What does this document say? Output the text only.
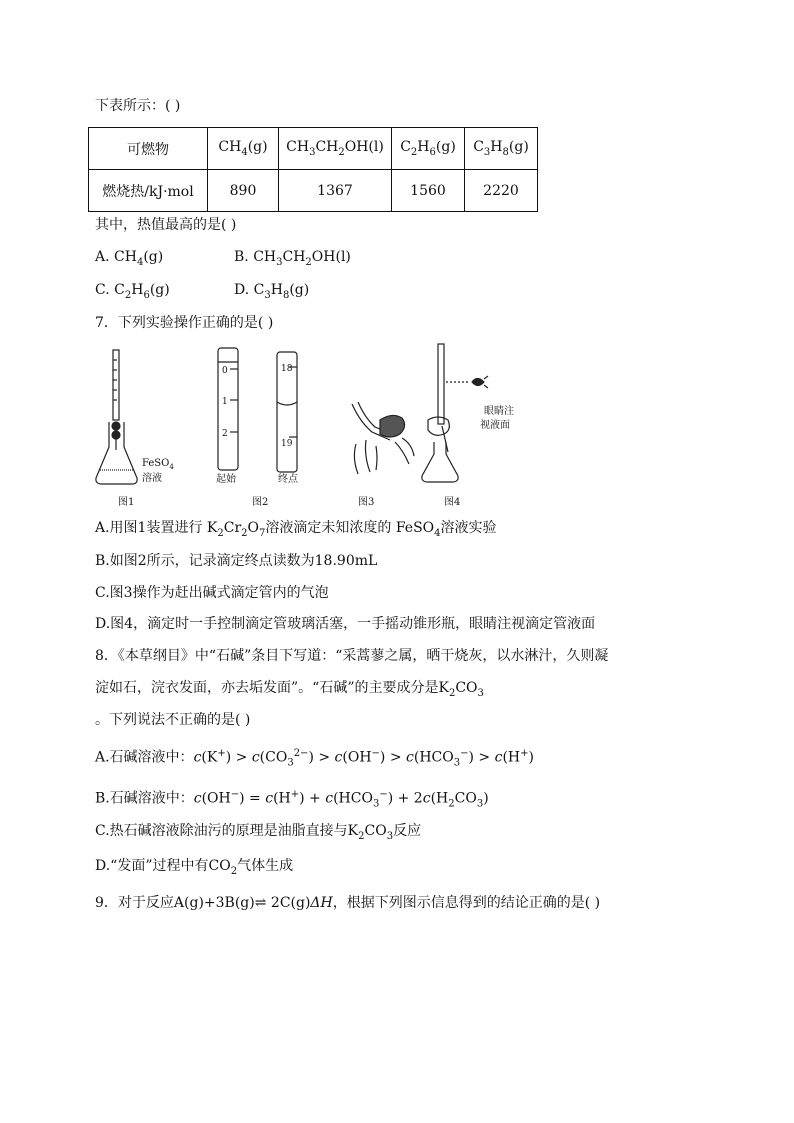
下表所示：( )
可燃物	$CH_4(g)$	$CH_3CH_2OH(l)$	$C_2H_6(g)$	$C_3H_8(g)$
燃烧热/kJ·mol	890	1367	1560	2220
其中，热值最高的是( )
A. $CH_4(g)$	B. $CH_3CH_2OH(l)$
C. $C_2H_6(g)$	D. $C_3H_8(g)$
7．下列实验操作正确的是( )
FeSO$_4$
溶液
图1
0
1
2
18
19
起始	终点
图2	图3
眼睛注
视液面
图4
A.用图1装置进行 $K_2Cr_2O_7$溶液滴定未知浓度的 FeSO$_4$溶液实验
B.如图2所示，记录滴定终点读数为18.90mL
C.图3操作为赶出碱式滴定管内的气泡
D.图4，滴定时一手控制滴定管玻璃活塞，一手摇动锥形瓶，眼睛注视滴定管液面
8．《本草纲目》中“石碱”条目下写道：“采蒿蓼之属，晒干烧灰，以水淋汁，久则凝
淀如石，浣衣发面，亦去垢发面”。“石碱”的主要成分是$K_2CO_3$
。下列说法不正确的是( )
A.石碱溶液中：$c(K^+) > c(CO_3^{2-}) > c(OH^-) > c(HCO_3^-) > c(H^+)$
B.石碱溶液中：$c(OH^-) = c(H^+) + c(HCO_3^-) + 2c(H_2CO_3)$
C.热石碱溶液除油污的原理是油脂直接与$K_2CO_3$反应
D.“发面”过程中有$CO_2$气体生成
9．对于反应A(g)+3B(g)⇌ 2C(g)ΔH，根据下列图示信息得到的结论正确的是( )
